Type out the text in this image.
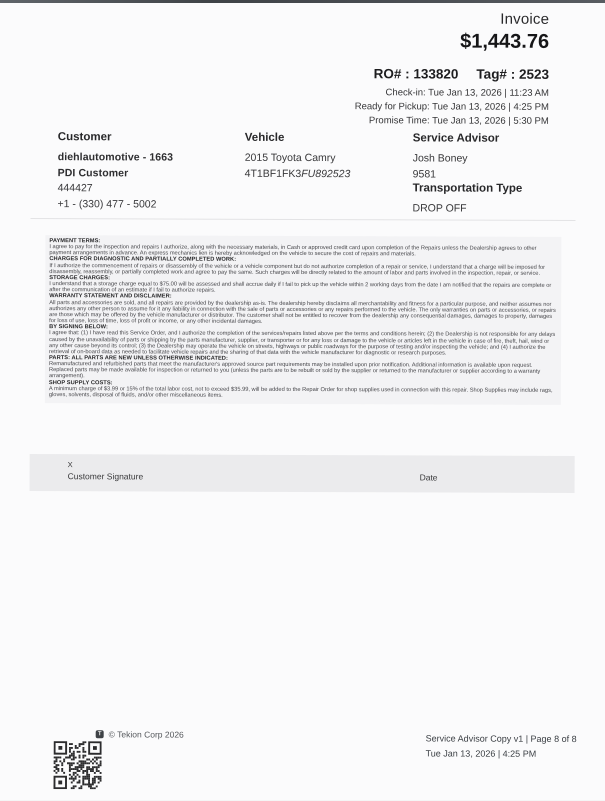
Invoice
$1,443.76
RO# : 133820 Tag# : 2523
Check-in: Tue Jan 13, 2026 | 11:23 AM
Ready for Pickup: Tue Jan 13, 2026 | 4:25 PM
Promise Time: Tue Jan 13, 2026 | 5:30 PM
Customer

diehlautomotive - 1663

PDI Customer

444427

+1 - (330) 477 - 5002

Vehicle

2015 Toyota Camry

4T1BF1FK3FU892523

Service Advisor

Josh Boney

9581

Transportation Type

DROP OFF

PAYMENT TERMS:
I agree to pay for the inspection and repairs I authorize, along with the necessary materials, in Cash or approved credit card upon completion of the Repairs unless the Dealership agrees to other payment arrangements in advance. An express mechanics lien is hereby acknowledged on the vehicle to secure the cost of repairs and materials.
CHARGES FOR DIAGNOSTIC AND PARTIALLY COMPLETED WORK:
If I authorize the commencement of repairs or disassembly of the vehicle or a vehicle component but do not authorize completion of a repair or service, I understand that a charge will be imposed for disassembly, reassembly, or partially completed work and agree to pay the same. Such charges will be directly related to the amount of labor and parts involved in the inspection, repair, or service.
STORAGE CHARGES:
I understand that a storage charge equal to $75.00 will be assessed and shall accrue daily if I fail to pick up the vehicle within 2 working days from the date I am notified that the repairs are complete or after the communication of an estimate if I fail to authorize repairs.
WARRANTY STATEMENT AND DISCLAIMER:
All parts and accessories are sold, and all repairs are provided by the dealership as-is. The dealership hereby disclaims all merchantability and fitness for a particular purpose, and neither assumes nor authorizes any other person to assume for it any liability in connection with the sale of parts or accessories or any repairs performed to the vehicle. The only warranties on parts or accessories, or repairs are those which may be offered by the vehicle manufacturer or distributor. The customer shall not be entitled to recover from the dealership any consequential damages, damages to property, damages for loss of use, loss of time, loss of profit or income, or any other incidental damages.
BY SIGNING BELOW:
I agree that: (1) I have read this Service Order, and I authorize the completion of the services/repairs listed above per the terms and conditions herein; (2) the Dealership is not responsible for any delays caused by the unavailability of parts or shipping by the parts manufacturer, supplier, or transporter or for any loss or damage to the vehicle or articles left in the vehicle in case of fire, theft, hail, wind or any other cause beyond its control; (3) the Dealership may operate the vehicle on streets, highways or public roadways for the purpose of testing and/or inspecting the vehicle; and (4) I authorize the retrieval of on-board data as needed to facilitate vehicle repairs and the sharing of that data with the vehicle manufacturer for diagnostic or research purposes.
PARTS: ALL PARTS ARE NEW UNLESS OTHERWISE INDICATED:
Remanufactured and refurbished parts that meet the manufacturer's approved source part requirements may be installed upon prior notification. Additional information is available upon request. Replaced parts may be made available for inspection or returned to you (unless the parts are to be rebuilt or sold by the supplier or returned to the manufacturer or supplier according to a warranty arrangement).
SHOP SUPPLY COSTS:
A minimum charge of $3.99 or 15% of the total labor cost, not to exceed $35.99, will be added to the Repair Order for shop supplies used in connection with this repair. Shop Supplies may include rags, gloves, solvents, disposal of fluids, and/or other miscellaneous items.
X
Customer Signature	Date
T © Tekion Corp 2026	Service Advisor Copy v1 | Page 8 of 8
Tue Jan 13, 2026 | 4:25 PM
